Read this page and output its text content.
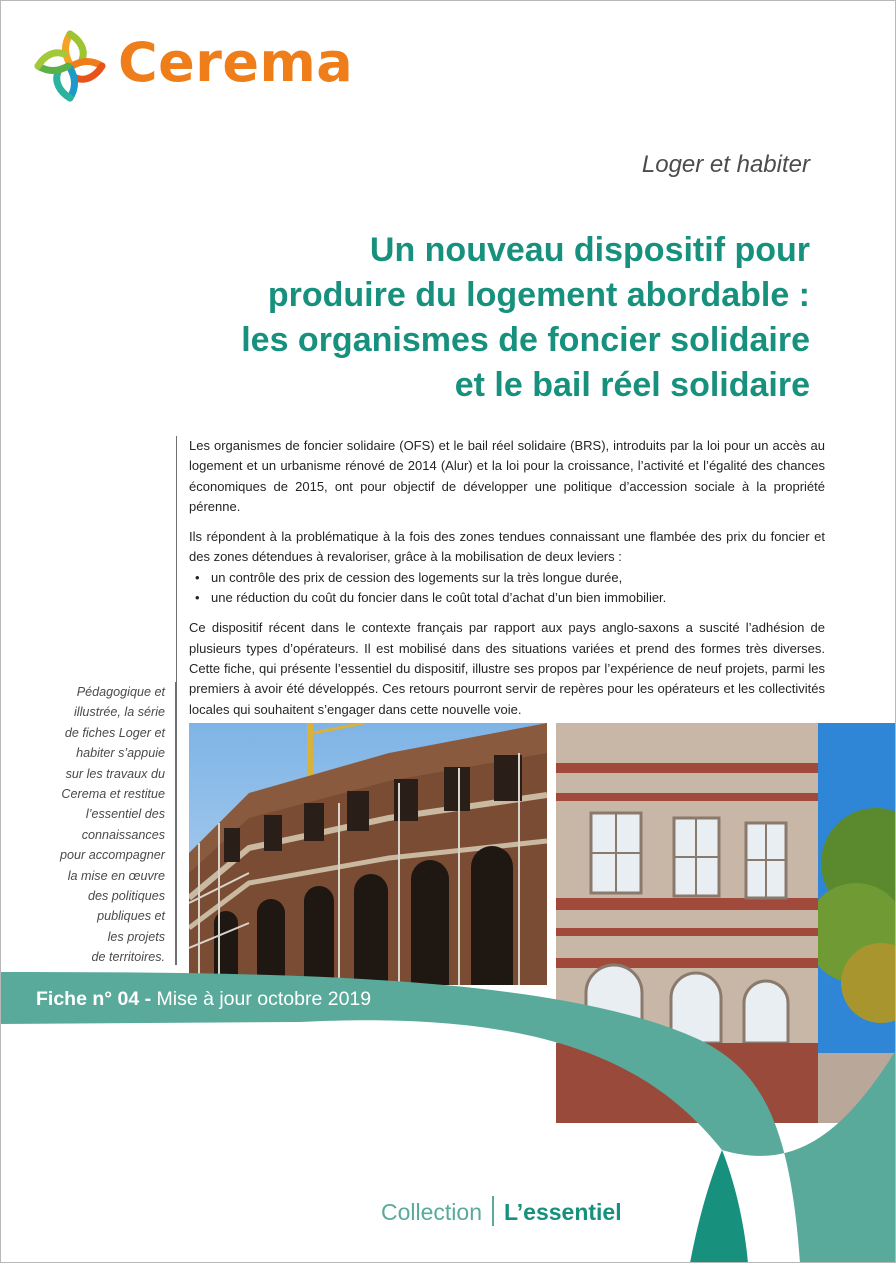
Cerema
Loger et habiter
Un nouveau dispositif pour
produire du logement abordable :
les organismes de foncier solidaire
et le bail réel solidaire

Les organismes de foncier solidaire (OFS) et le bail réel solidaire (BRS), introduits par la loi pour un accès au logement et un urbanisme rénové de 2014 (Alur) et la loi pour la croissance, l’activité et l’égalité des chances économiques de 2015, ont pour objectif de développer une politique d’accession sociale à la propriété pérenne.

Ils répondent à la problématique à la fois des zones tendues connaissant une flambée des prix du foncier et des zones détendues à revaloriser, grâce à la mobilisation de deux leviers :

• un contrôle des prix de cession des logements sur la très longue durée,
• une réduction du coût du foncier dans le coût total d’achat d’un bien immobilier.

Ce dispositif récent dans le contexte français par rapport aux pays anglo-saxons a suscité l’adhésion de plusieurs types d’opérateurs. Il est mobilisé dans des situations variées et prend des formes très diverses. Cette fiche, qui présente l’essentiel du dispositif, illustre ses propos par l’expérience de neuf projets, parmi les premiers à avoir été développés. Ces retours pourront servir de repères pour les opérateurs et les collectivités locales qui souhaitent s’engager dans cette nouvelle voie.

Pédagogique et
illustrée, la série
de fiches Loger et
habiter s’appuie
sur les travaux du
Cerema et restitue
l’essentiel des
connaissances
pour accompagner
la mise en œuvre
des politiques
publiques et
les projets
de territoires.
Fiche n° 04 - Mise à jour octobre 2019
Collection L’essentiel
